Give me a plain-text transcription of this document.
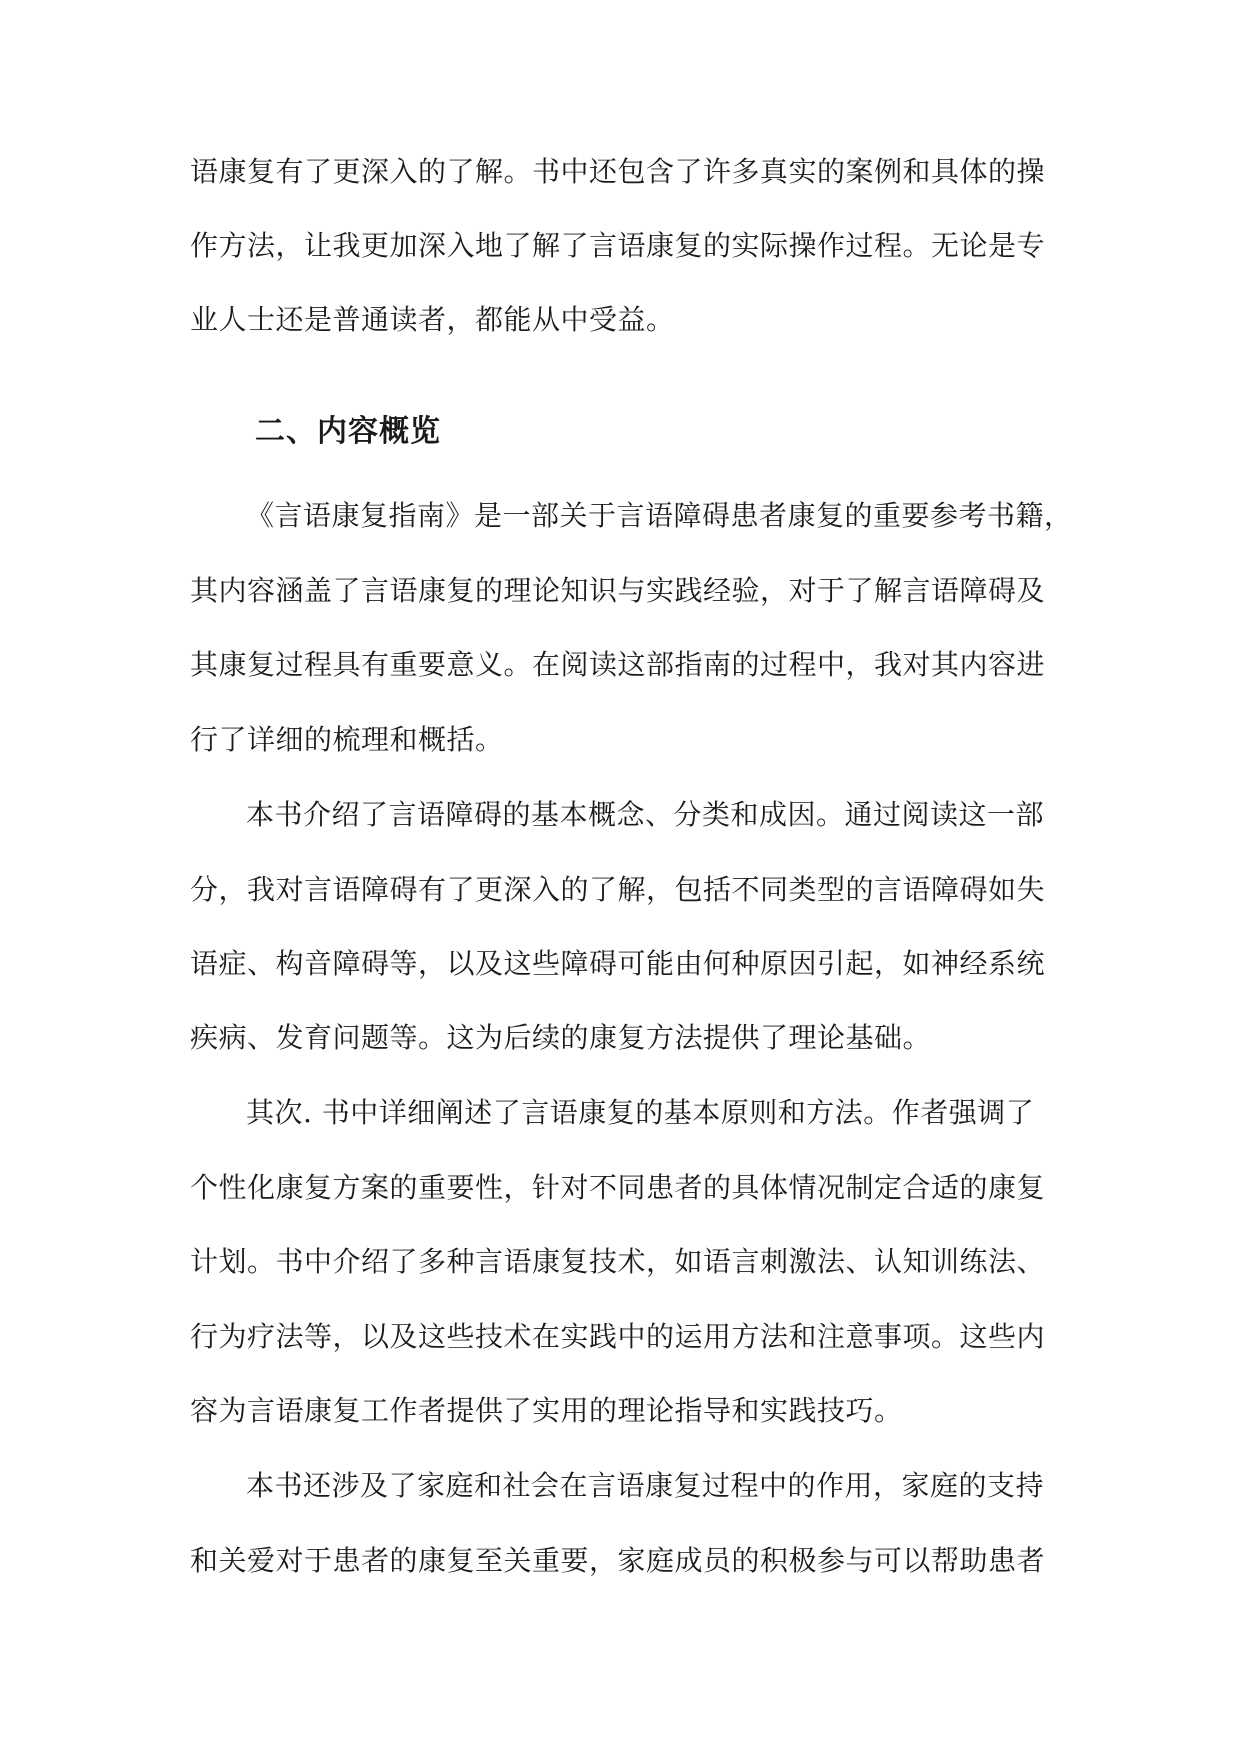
语康复有了更深入的了解。书中还包含了许多真实的案例和具体的操
作方法，让我更加深入地了解了言语康复的实际操作过程。无论是专
业人士还是普通读者，都能从中受益。
二、内容概览
《言语康复指南》是一部关于言语障碍患者康复的重要参考书籍，
其内容涵盖了言语康复的理论知识与实践经验，对于了解言语障碍及
其康复过程具有重要意义。在阅读这部指南的过程中，我对其内容进
行了详细的梳理和概括。
本书介绍了言语障碍的基本概念、分类和成因。通过阅读这一部
分，我对言语障碍有了更深入的了解，包括不同类型的言语障碍如失
语症、构音障碍等，以及这些障碍可能由何种原因引起，如神经系统
疾病、发育问题等。这为后续的康复方法提供了理论基础。
其次. 书中详细阐述了言语康复的基本原则和方法。作者强调了
个性化康复方案的重要性，针对不同患者的具体情况制定合适的康复
计划。书中介绍了多种言语康复技术，如语言刺激法、认知训练法、
行为疗法等，以及这些技术在实践中的运用方法和注意事项。这些内
容为言语康复工作者提供了实用的理论指导和实践技巧。
本书还涉及了家庭和社会在言语康复过程中的作用，家庭的支持
和关爱对于患者的康复至关重要，家庭成员的积极参与可以帮助患者
